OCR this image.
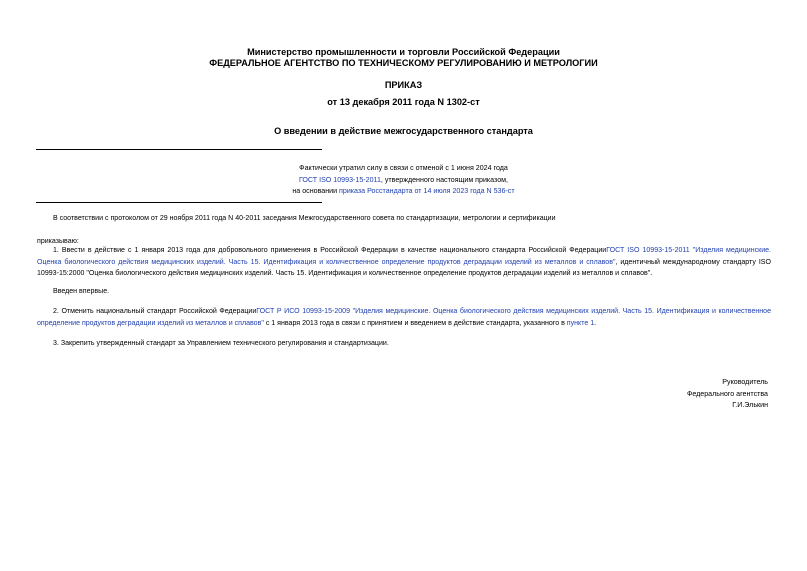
Министерство промышленности и торговли Российской Федерации
ФЕДЕРАЛЬНОЕ АГЕНТСТВО ПО ТЕХНИЧЕСКОМУ РЕГУЛИРОВАНИЮ И МЕТРОЛОГИИ
ПРИКАЗ
от 13 декабря 2011 года N 1302-ст
О введении в действие межгосударственного стандарта
Фактически утратил силу в связи с отменой с 1 июня 2024 года
ГОСТ ISO 10993-15-2011, утвержденного настоящим приказом,
на основании приказа Росстандарта от 14 июля 2023 года N 536-ст
В соответствии с протоколом от 29 ноября 2011 года N 40-2011 заседания Межгосударственного совета по стандартизации, метрологии и сертификации
приказываю:
1. Ввести в действие с 1 января 2013 года для добровольного применения в Российской Федерации в качестве национального стандарта Российской ФедерацииГОСТ ISO 10993-15-2011 "Изделия медицинские. Оценка биологического действия медицинских изделий. Часть 15. Идентификация и количественное определение продуктов деградации изделий из металлов и сплавов", идентичный международному стандарту ISO 10993-15:2000 "Оценка биологического действия медицинских изделий. Часть 15. Идентификация и количественное определение продуктов деградации изделий из металлов и сплавов".
Введен впервые.
2. Отменить национальный стандарт Российской ФедерацииГОСТ Р ИСО 10993-15-2009 "Изделия медицинские. Оценка биологического действия медицинских изделий. Часть 15. Идентификация и количественное определение продуктов деградации изделий из металлов и сплавов" с 1 января 2013 года в связи с принятием и введением в действие стандарта, указанного в пункте 1.
3. Закрепить утвержденный стандарт за Управлением технического регулирования и стандартизации.
Руководитель
Федерального агентства
Г.И.Элькин
